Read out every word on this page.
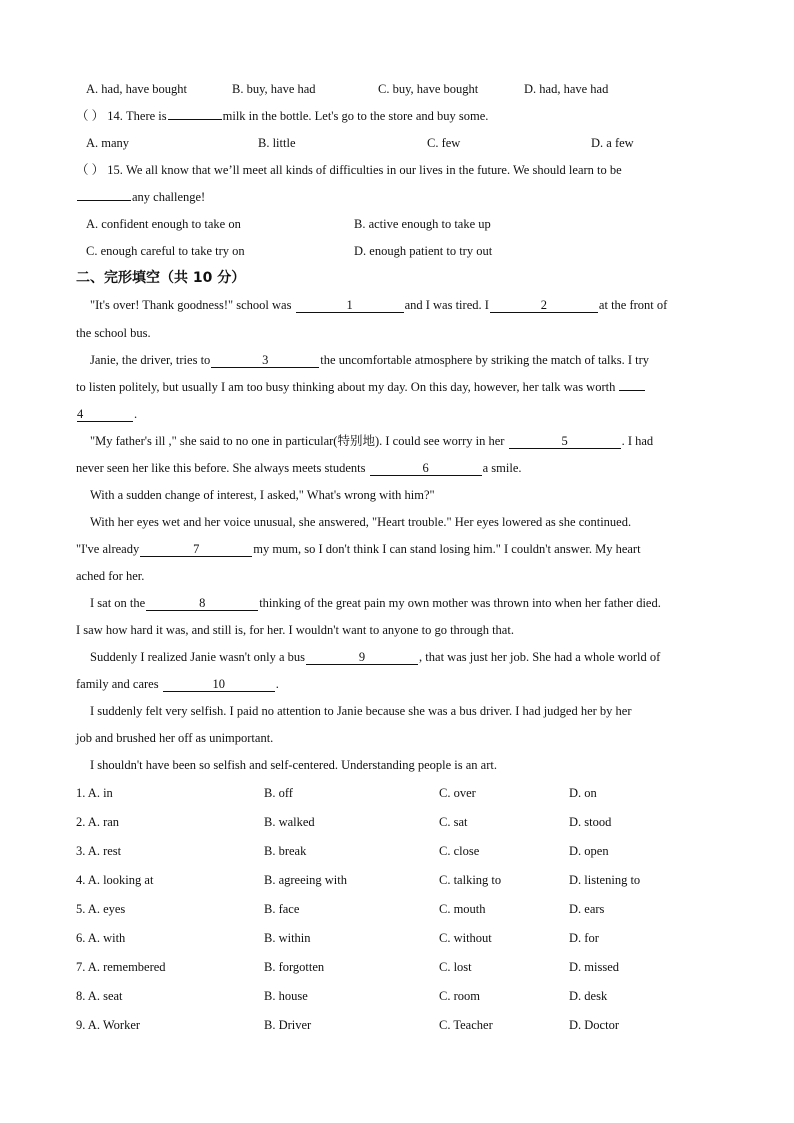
A. had, have bought	B. buy, have had	C. buy, have bought	D. had, have had
（ ） 14. There is	milk in the bottle. Let's go to the store and buy some.
A. many	B. little	C. few	D. a few
（ ） 15. We all know that we’ll meet all kinds of difficulties in our lives in the future. We should learn to be
any challenge!
A. confident enough to take on	B. active enough to take up
C. enough careful to take try on	D. enough patient to try out
二、完形填空（共 10 分）
"It's over! Thank goodness!" school was	1	and I was tired. I	2	at the front of
the school bus.
Janie, the driver, tries to	3	the uncomfortable atmosphere by striking the match of talks. I try
to listen politely, but usually I am too busy thinking about my day. On this day, however, her talk was worth
4	.
"My father's ill ," she said to no one in particular(特别地). I could see worry in her	5	. I had
never seen her like this before. She always meets students	6	a smile.
With a sudden change of interest, I asked," What's wrong with him?"
With her eyes wet and her voice unusual, she answered, "Heart trouble." Her eyes lowered as she continued.
"I've already	7	my mum, so I don't think I can stand losing him." I couldn't answer. My heart
ached for her.
I sat on the	8	thinking of the great pain my own mother was thrown into when her father died.
I saw how hard it was, and still is, for her. I wouldn't want to anyone to go through that.
Suddenly I realized Janie wasn't only a bus	9	, that was just her job. She had a whole world of
family and cares	10	.
I suddenly felt very selfish. I paid no attention to Janie because she was a bus driver. I had judged her by her
job and brushed her off as unimportant.
I shouldn't have been so selfish and self-centered. Understanding people is an art.
1. A. in	B. off	C. over	D. on
2. A. ran	B. walked	C. sat	D. stood
3. A. rest	B. break	C. close	D. open
4. A. looking at	B. agreeing with	C. talking to	D. listening to
5. A. eyes	B. face	C. mouth	D. ears
6. A. with	B. within	C. without	D. for
7. A. remembered	B. forgotten	C. lost	D. missed
8. A. seat	B. house	C. room	D. desk
9. A. Worker	B. Driver	C. Teacher	D. Doctor
